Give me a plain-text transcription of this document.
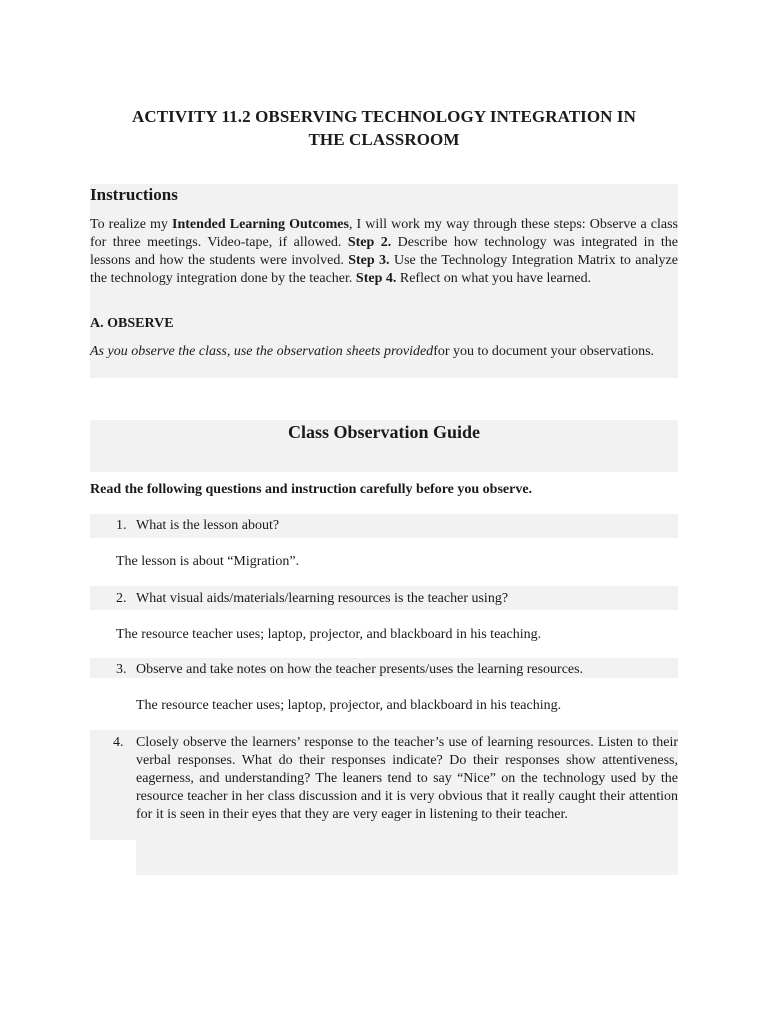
ACTIVITY 11.2 OBSERVING TECHNOLOGY INTEGRATION IN
THE CLASSROOM
Instructions
To realize my Intended Learning Outcomes, I will work my way through these steps: Observe a class for three meetings. Video-tape, if allowed. Step 2. Describe how technology was integrated in the lessons and how the students were involved. Step 3. Use the Technology Integration Matrix to analyze the technology integration done by the teacher. Step 4. Reflect on what you have learned.
A. OBSERVE
As you observe the class, use the observation sheets providedfor you to document your observations.
Class Observation Guide
Read the following questions and instruction carefully before you observe.
1. What is the lesson about?
The lesson is about “Migration”.
2. What visual aids/materials/learning resources is the teacher using?
The resource teacher uses; laptop, projector, and blackboard in his teaching.
3. Observe and take notes on how the teacher presents/uses the learning resources.
The resource teacher uses; laptop, projector, and blackboard in his teaching.
4. Closely observe the learners’ response to the teacher’s use of learning resources. Listen to their verbal responses. What do their responses indicate? Do their responses show attentiveness, eagerness, and understanding? The leaners tend to say “Nice” on the technology used by the resource teacher in her class discussion and it is very obvious that it really caught their attention for it is seen in their eyes that they are very eager in listening to their teacher.
